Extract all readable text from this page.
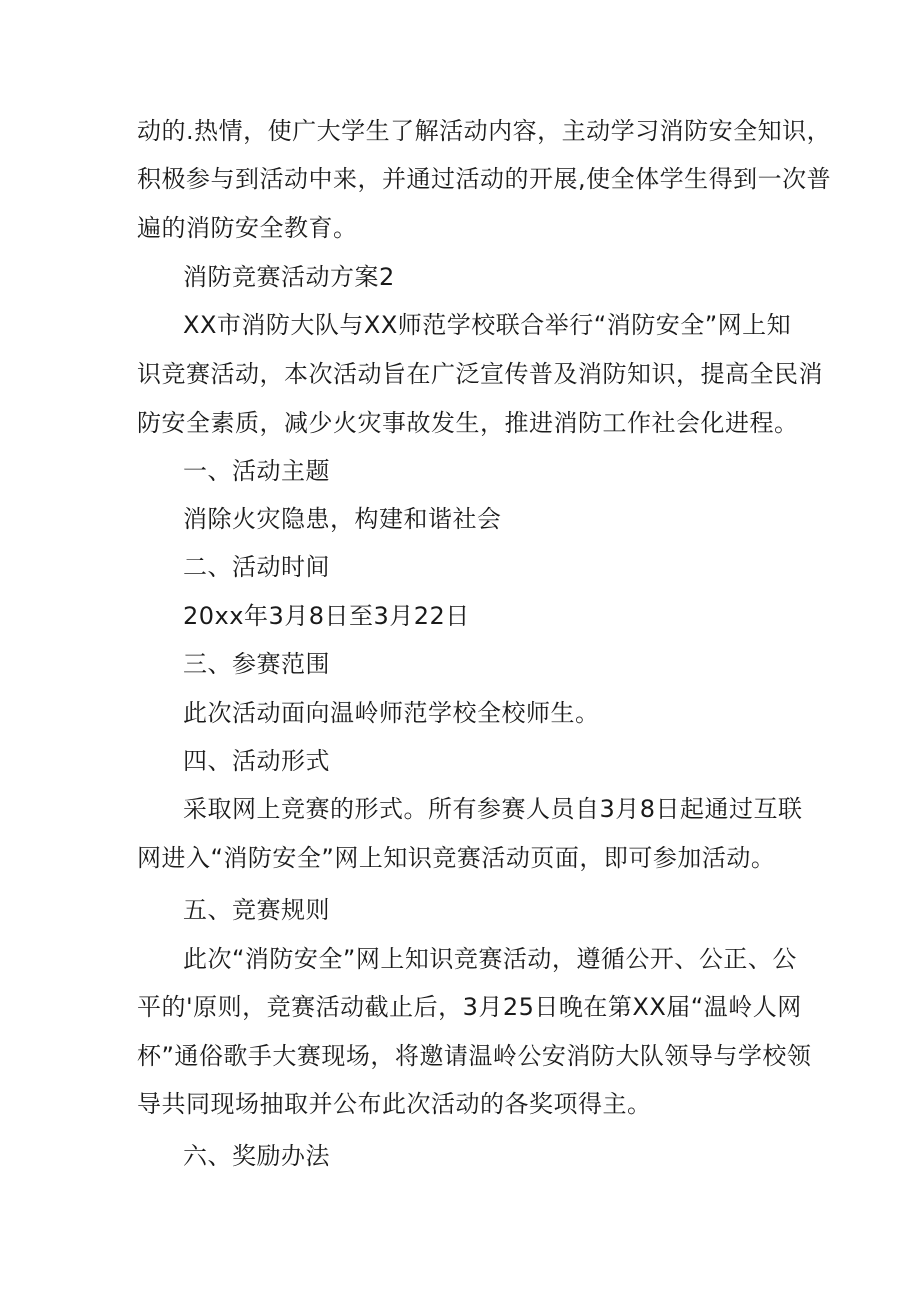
动的.热情，使广大学生了解活动内容，主动学习消防安全知识，
积极参与到活动中来，并通过活动的开展,使全体学生得到一次普
遍的消防安全教育。
消防竞赛活动方案2
XX市消防大队与XX师范学校联合举行“消防安全”网上知
识竞赛活动，本次活动旨在广泛宣传普及消防知识，提高全民消
防安全素质，减少火灾事故发生，推进消防工作社会化进程。
一、活动主题
消除火灾隐患，构建和谐社会
二、活动时间
20xx年3月8日至3月22日
三、参赛范围
此次活动面向温岭师范学校全校师生。
四、活动形式
采取网上竞赛的形式。所有参赛人员自3月8日起通过互联
网进入“消防安全”网上知识竞赛活动页面，即可参加活动。
五、竞赛规则
此次“消防安全”网上知识竞赛活动，遵循公开、公正、公
平的'原则，竞赛活动截止后，3月25日晚在第XX届“温岭人网
杯”通俗歌手大赛现场，将邀请温岭公安消防大队领导与学校领
导共同现场抽取并公布此次活动的各奖项得主。
六、奖励办法
